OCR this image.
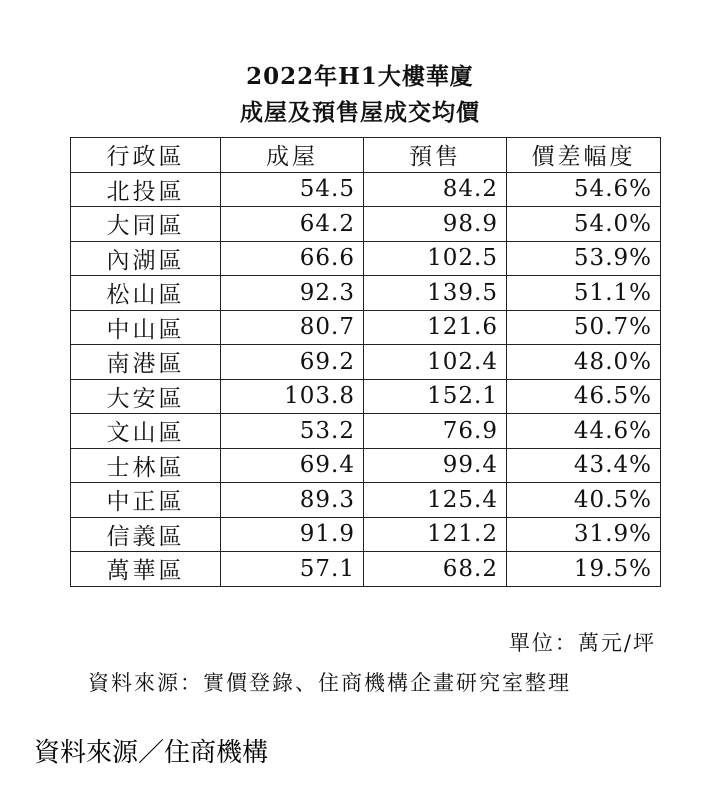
2022年H1大樓華廈
成屋及預售屋成交均價
行政區	成屋	預售	價差幅度
北投區	54.5	84.2	54.6%
大同區	64.2	98.9	54.0%
內湖區	66.6	102.5	53.9%
松山區	92.3	139.5	51.1%
中山區	80.7	121.6	50.7%
南港區	69.2	102.4	48.0%
大安區	103.8	152.1	46.5%
文山區	53.2	76.9	44.6%
士林區	69.4	99.4	43.4%
中正區	89.3	125.4	40.5%
信義區	91.9	121.2	31.9%
萬華區	57.1	68.2	19.5%
單位：萬元/坪
資料來源：實價登錄、住商機構企畫研究室整理
資料來源／住商機構
